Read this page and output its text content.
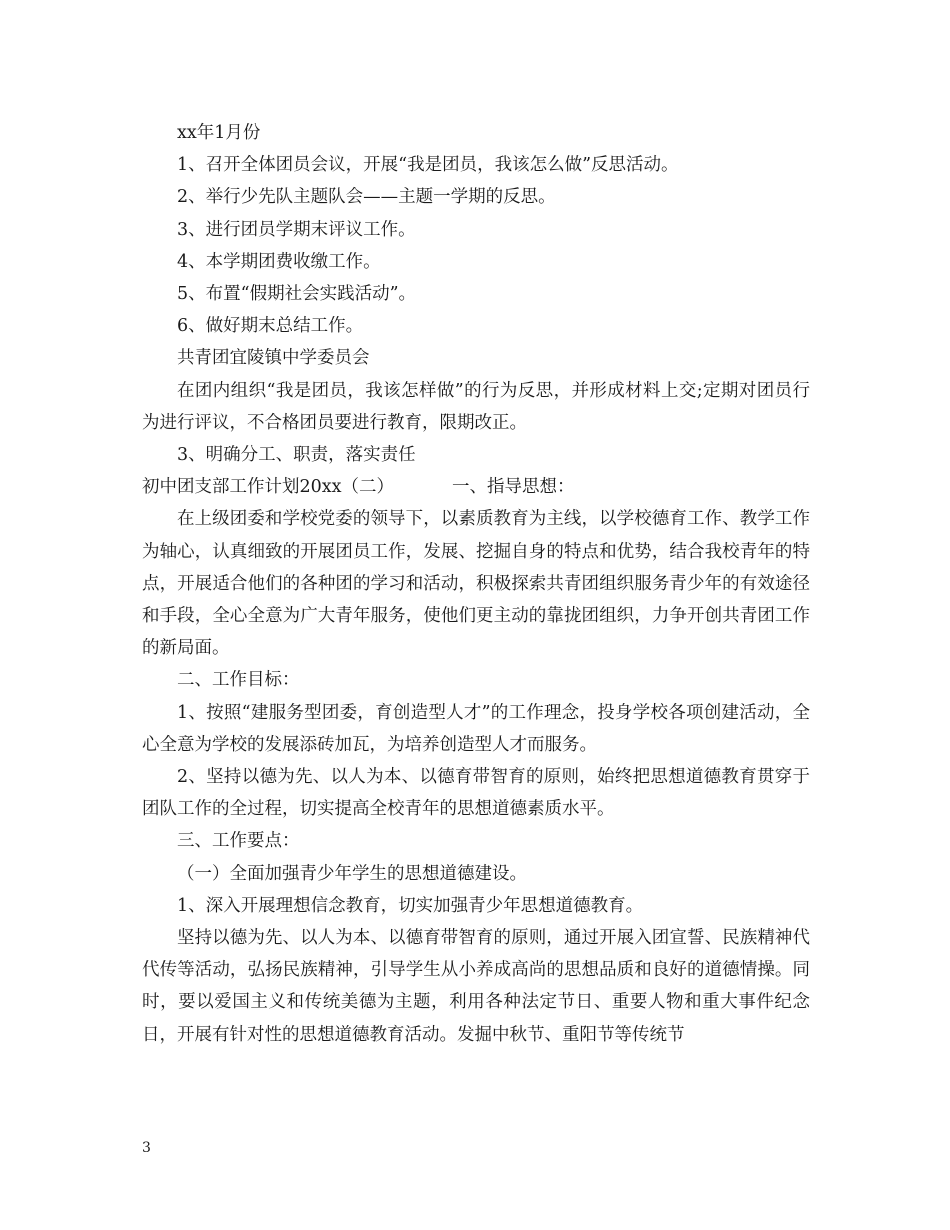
xx年1月份

1、召开全体团员会议，开展“我是团员，我该怎么做”反思活动。

2、举行少先队主题队会——主题一学期的反思。

3、进行团员学期末评议工作。

4、本学期团费收缴工作。

5、布置“假期社会实践活动”。

6、做好期末总结工作。

共青团宜陵镇中学委员会

在团内组织“我是团员，我该怎样做”的行为反思，并形成材料上交;定期对团员行为进行评议，不合格团员要进行教育，限期改正。

3、明确分工、职责，落实责任

初中团支部工作计划20xx（二）	一、指导思想：

在上级团委和学校党委的领导下，以素质教育为主线，以学校德育工作、教学工作为轴心，认真细致的开展团员工作，发展、挖掘自身的特点和优势，结合我校青年的特点，开展适合他们的各种团的学习和活动，积极探索共青团组织服务青少年的有效途径和手段，全心全意为广大青年服务，使他们更主动的靠拢团组织，力争开创共青团工作的新局面。

二、工作目标：

1、按照“建服务型团委，育创造型人才”的工作理念，投身学校各项创建活动，全心全意为学校的发展添砖加瓦，为培养创造型人才而服务。

2、坚持以德为先、以人为本、以德育带智育的原则，始终把思想道德教育贯穿于团队工作的全过程，切实提高全校青年的思想道德素质水平。

三、工作要点：

（一）全面加强青少年学生的思想道德建设。

1、深入开展理想信念教育，切实加强青少年思想道德教育。

坚持以德为先、以人为本、以德育带智育的原则，通过开展入团宣誓、民族精神代代传等活动，弘扬民族精神，引导学生从小养成高尚的思想品质和良好的道德情操。同时，要以爱国主义和传统美德为主题，利用各种法定节日、重要人物和重大事件纪念日，开展有针对性的思想道德教育活动。发掘中秋节、重阳节等传统节

3
